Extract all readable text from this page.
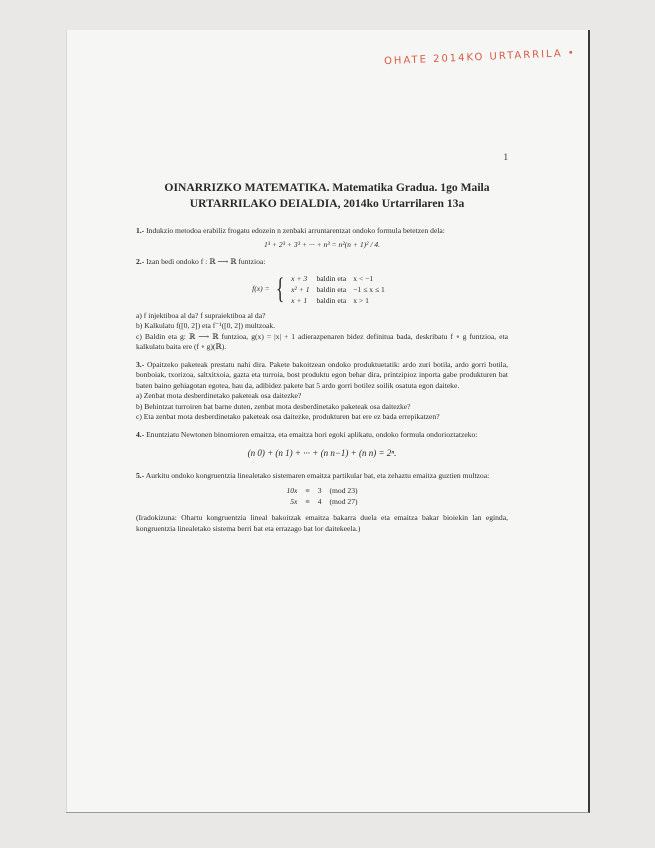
OHATE 2014KO URTARRILA •
1
OINARRIZKO MATEMATIKA. Matematika Gradua. 1go Maila
URTARRILAKO DEIALDIA, 2014ko Urtarrilaren 13a

1.- Indukzio metodoa erabiliz frogatu edozein n zenbaki arruntarentzat ondoko formula betetzen dela:

1³ + 2³ + 3³ + ··· + n³ = n²(n + 1)² / 4.

2.- Izan bedi ondoko f : ℝ ⟶ ℝ funtzioa:

f(x) = { x + 3	baldin eta	x < −1
x² + 1	baldin eta	−1 ≤ x ≤ 1
x + 1	baldin eta	x > 1

a) f injektiboa al da? f supraiektiboa al da?

b) Kalkulatu f([0, 2]) eta f⁻¹([0, 2]) multzoak.

c) Baldin eta g: ℝ ⟶ ℝ funtzioa, g(x) = |x| + 1 adierazpenaren bidez definitua bada, deskribatu f ∘ g funtzioa, eta kalkulatu baita ere (f ∘ g)(ℝ).

3.- Opaitzeko paketeak prestatu nahi dira. Pakete bakoitzean ondoko produktuetatik: ardo zuri botila, ardo gorri botila, bonboiak, txorizoa, saltxitxoia, gazta eta turroia, bost produktu egon behar dira, printzipioz inporta gabe produkturen bat baten baino gehiagotan egotea, hau da, adibidez pakete bat 5 ardo gorri botilez soilik osatuta egon daiteke.

a) Zenbat mota desberdinetako paketeak osa daitezke?

b) Behintzat turroiren bat barne duten, zenbat mota desberdinetako paketeak osa daitezke?

c) Eta zenbat mota desberdinetako paketeak osa daitezke, produkturen bat ere ez bada errepikatzen?

4.- Enuntziatu Newtonen binomioren emaitza, eta emaitza hori egoki aplikatu, ondoko formula ondorioztatzeko:

(n 0) + (n 1) + ··· + (n n−1) + (n n) = 2ⁿ.

5.- Aurkitu ondoko kongruentzia linealetako sistemaren emaitza partikular bat, eta zehaztu emaitza guztien multzoa:

10x	≡	3	(mod 23)
5x	≡	4	(mod 27)

(Iradokizuna: Ohartu kongruentzia lineal bakoitzak emaitza bakarra duela eta emaitza bakar bioiekin lan eginda, kongruentzia linealetako sistema berri bat eta errazago bat lor daitekeela.)
